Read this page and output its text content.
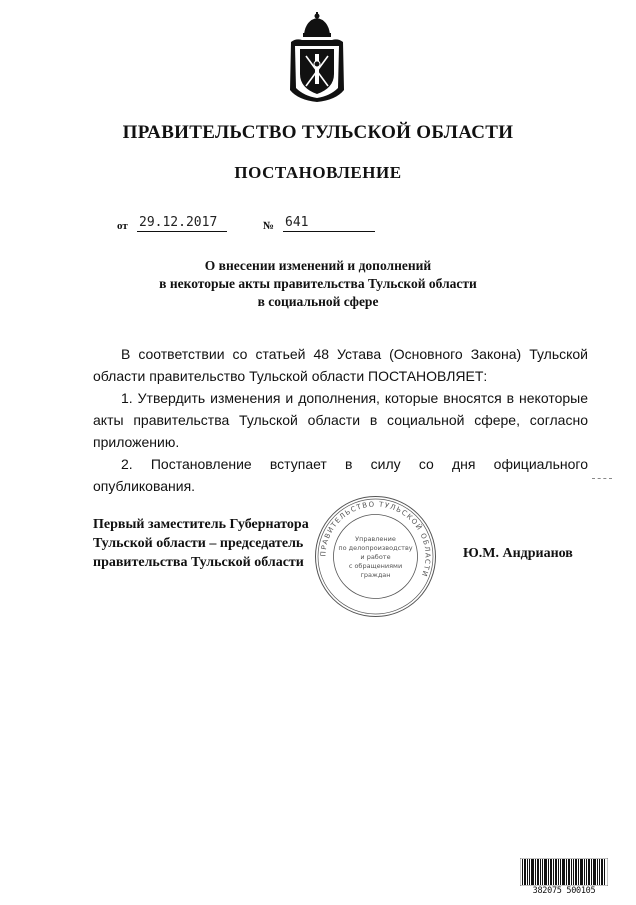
ПРАВИТЕЛЬСТВО ТУЛЬСКОЙ ОБЛАСТИ
ПОСТАНОВЛЕНИЕ
от 29.12.2017	№ 641
О внесении изменений и дополнений
в некоторые акты правительства Тульской области
в социальной сфере

В соответствии со статьей 48 Устава (Основного Закона) Тульской области правительство Тульской области ПОСТАНОВЛЯЕТ:

1. Утвердить изменения и дополнения, которые вносятся в некоторые акты правительства Тульской области в социальной сфере, согласно приложению.

2. Постановление вступает в силу со дня официального опубликования.

Первый заместитель Губернатора
Тульской области – председатель
правительства Тульской области
ПРАВИТЕЛЬСТВО ТУЛЬСКОЙ ОБЛАСТИ
Управление
по делопроизводству
и работе
с обращениями
граждан
Ю.М. Андрианов
382075 500105
